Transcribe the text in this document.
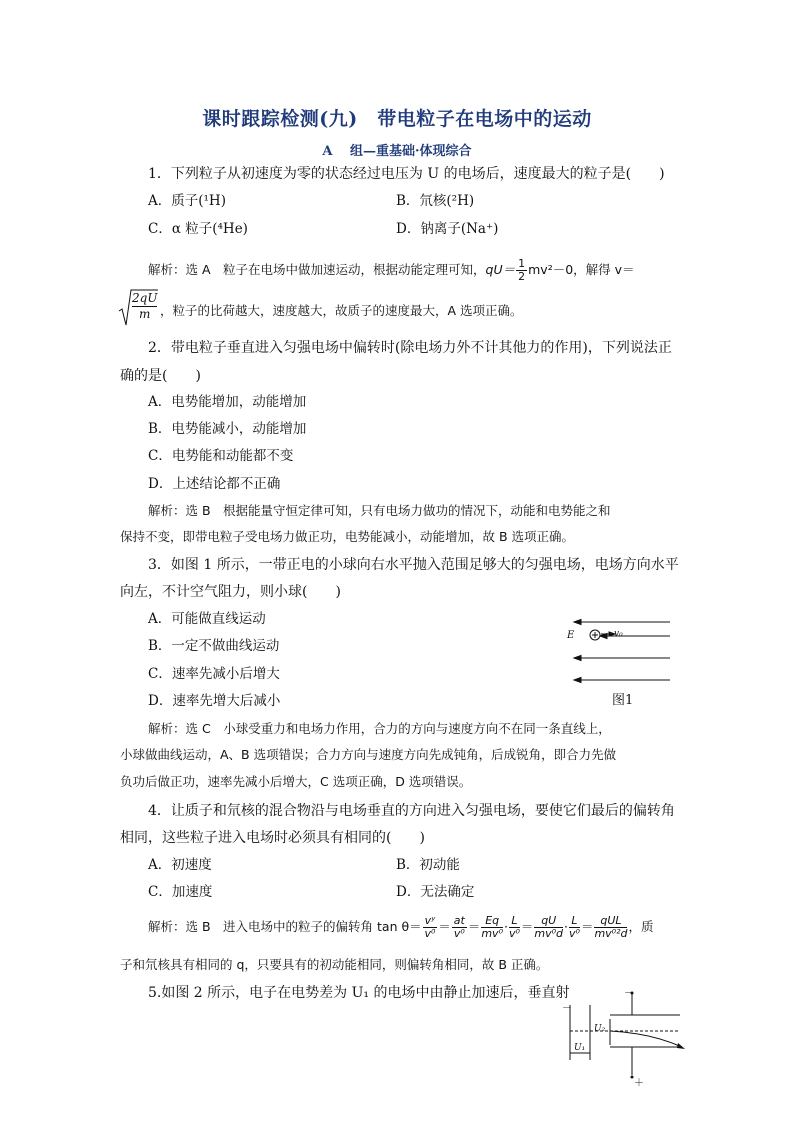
课时跟踪检测(九)　带电粒子在电场中的运动
A　 组—重基础·体现综合
1．下列粒子从初速度为零的状态经过电压为 U 的电场后，速度最大的粒子是(　　)
A．质子(¹H)	B．氘核(²H)
C．α 粒子(⁴He)	D．钠离子(Na⁺)
解析：选 A　粒子在电场中做加速运动，根据动能定理可知，$qU= \frac{1}{2} mv^2-0$，解得 v＝
2qU
m ，粒子的比荷越大，速度越大，故质子的速度最大，A 选项正确。
2．带电粒子垂直进入匀强电场中偏转时(除电场力外不计其他力的作用)，下列说法正
确的是(　　)
A．电势能增加，动能增加
B．电势能减小，动能增加
C．电势能和动能都不变
D．上述结论都不正确
解析：选 B　根据能量守恒定律可知，只有电场力做功的情况下，动能和电势能之和
保持不变，即带电粒子受电场力做正功，电势能减小，动能增加，故 B 选项正确。
3．如图 1 所示，一带正电的小球向右水平抛入范围足够大的匀强电场，电场方向水平
向左，不计空气阻力，则小球(　　)
A．可能做直线运动
B．一定不做曲线运动
C．速率先减小后增大
D．速率先增大后减小
E	v₀
图1
解析：选 C　小球受重力和电场力作用，合力的方向与速度方向不在同一条直线上，
小球做曲线运动，A、B 选项错误；合力方向与速度方向先成钝角，后成锐角，即合力先做
负功后做正功，速率先减小后增大，C 选项正确，D 选项错误。
4．让质子和氘核的混合物沿与电场垂直的方向进入匀强电场，要使它们最后的偏转角
相同，这些粒子进入电场时必须具有相同的(　　)
A．初速度	B．初动能
C．加速度	D．无法确定
解析：选 B　进入电场中的粒子的偏转角 $\tan \theta= \frac{\text{vʸ}}{\text{v⁰}} = \frac{at}{\text{v⁰}} = \frac{Eq}{\text{mv⁰}} \cdot \frac{L}{\text{v⁰}} = \frac{qU}{\text{mv⁰d}} \cdot \frac{L}{\text{v⁰}} = \frac{\text{qUL}}{\text{mv⁰²d}}$ ，质
子和氘核具有相同的 q，只要具有的初动能相同，则偏转角相同，故 B 正确。
5.如图 2 所示，电子在电势差为 U₁ 的电场中由静止加速后，垂直射
－
－
U₂
U₁
＋
